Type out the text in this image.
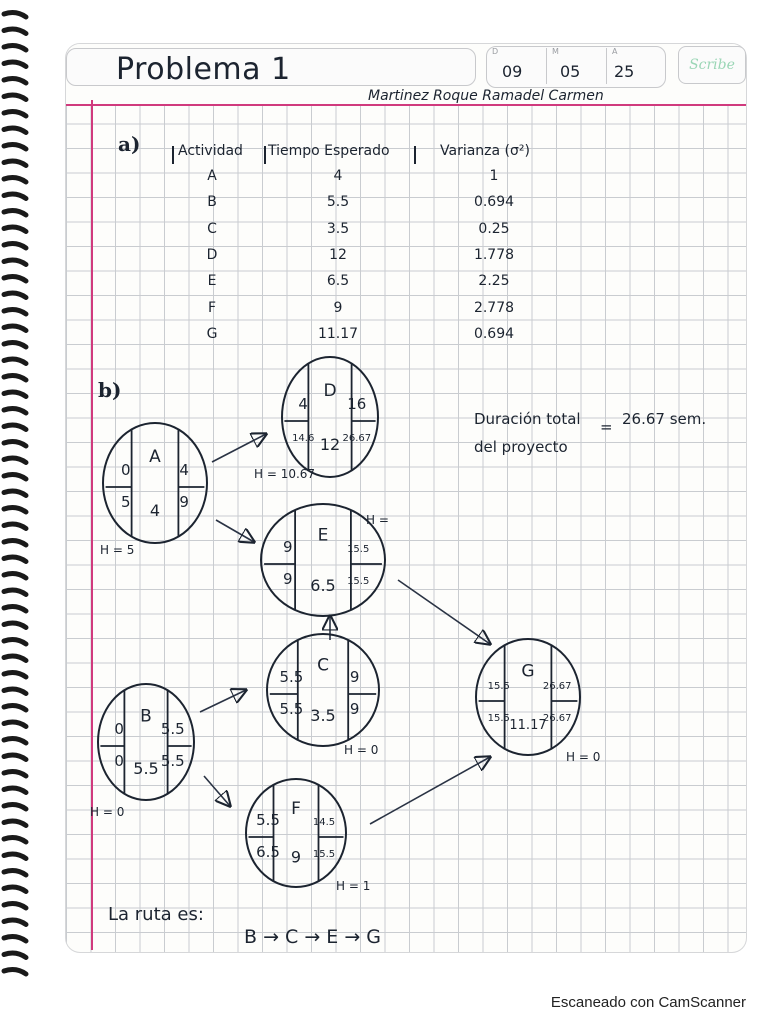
Problema 1
D	M	A
09 05 25	Scribe
Martinez Roque Ramadel Carmen
a)	Actividad Tiempo Esperado	Varianza (σ²)
A	4	1
B	5.5	0.694
C	3.5	0.25
D	12	1.778
E	6.5	2.25
F	9	2.778
G	11.17	0.694
b)
Duración total = 26.67 sem.
del proyecto
A
0	4
5	9
4
H = 5
D
4	16
14.6	26.67
12
H = 10.67
E
9	15.5
9	15.5
6.5
H =
C
5.5	9
5.5	9
3.5
H = 0
B
0 5.5
0 5.5
5.5
H = 0	F
5.5	14.5
6.5	15.5
9
H = 1
G
15.5	26.67
15.5	26.67
11.17
H = 0
La ruta es:
B → C → E → G
Escaneado con CamScanner
